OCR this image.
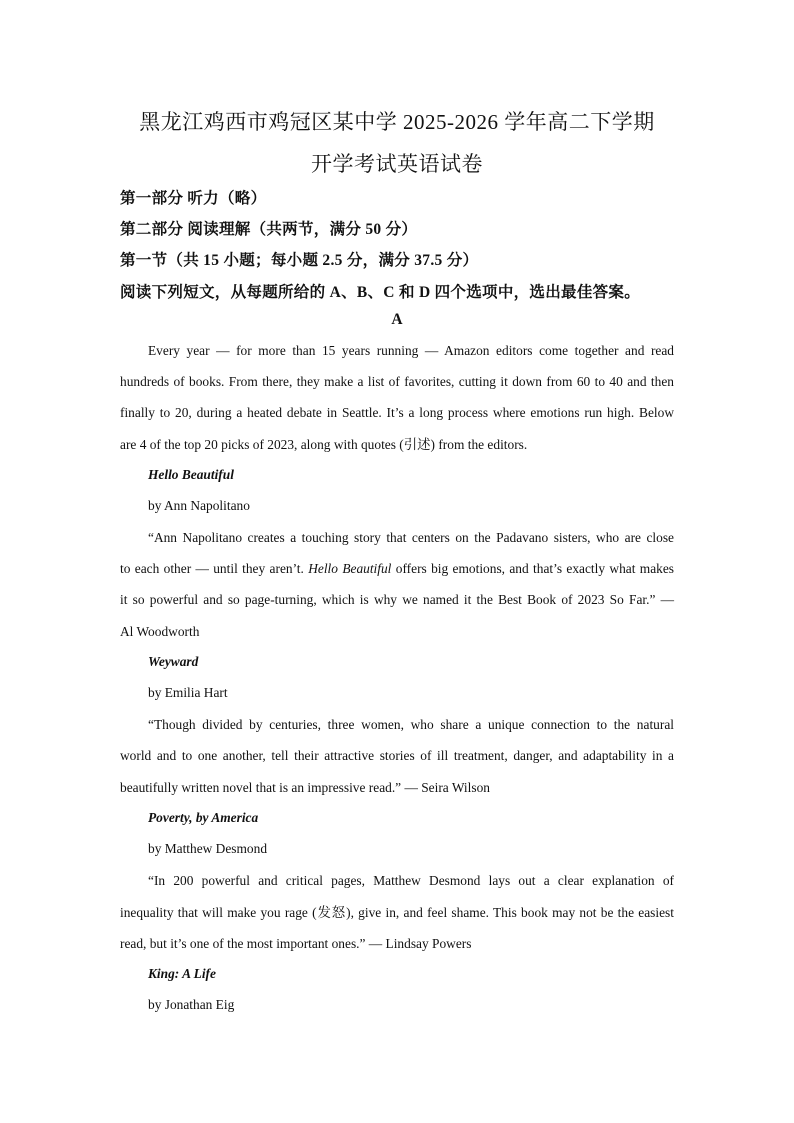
黑龙江鸡西市鸡冠区某中学 2025-2026 学年高二下学期
开学考试英语试卷
第一部分 听力（略）
第二部分 阅读理解（共两节，满分 50 分）
第一节（共 15 小题；每小题 2.5 分，满分 37.5 分）
阅读下列短文，从每题所给的 A、B、C 和 D 四个选项中，选出最佳答案。
A
Every year — for more than 15 years running — Amazon editors come together and read
hundreds of books. From there, they make a list of favorites, cutting it down from 60 to 40 and then
finally to 20, during a heated debate in Seattle. It’s a long process where emotions run high. Below
are 4 of the top 20 picks of 2023, along with quotes (引述) from the editors.
Hello Beautiful
by Ann Napolitano
“Ann Napolitano creates a touching story that centers on the Padavano sisters, who are close
to each other — until they aren’t. Hello Beautiful offers big emotions, and that’s exactly what makes
it so powerful and so page-turning, which is why we named it the Best Book of 2023 So Far.” —
Al Woodworth
Weyward
by Emilia Hart
“Though divided by centuries, three women, who share a unique connection to the natural
world and to one another, tell their attractive stories of ill treatment, danger, and adaptability in a
beautifully written novel that is an impressive read.” — Seira Wilson
Poverty, by America
by Matthew Desmond
“In 200 powerful and critical pages, Matthew Desmond lays out a clear explanation of
inequality that will make you rage (发怒), give in, and feel shame. This book may not be the easiest
read, but it’s one of the most important ones.” — Lindsay Powers
King: A Life
by Jonathan Eig
